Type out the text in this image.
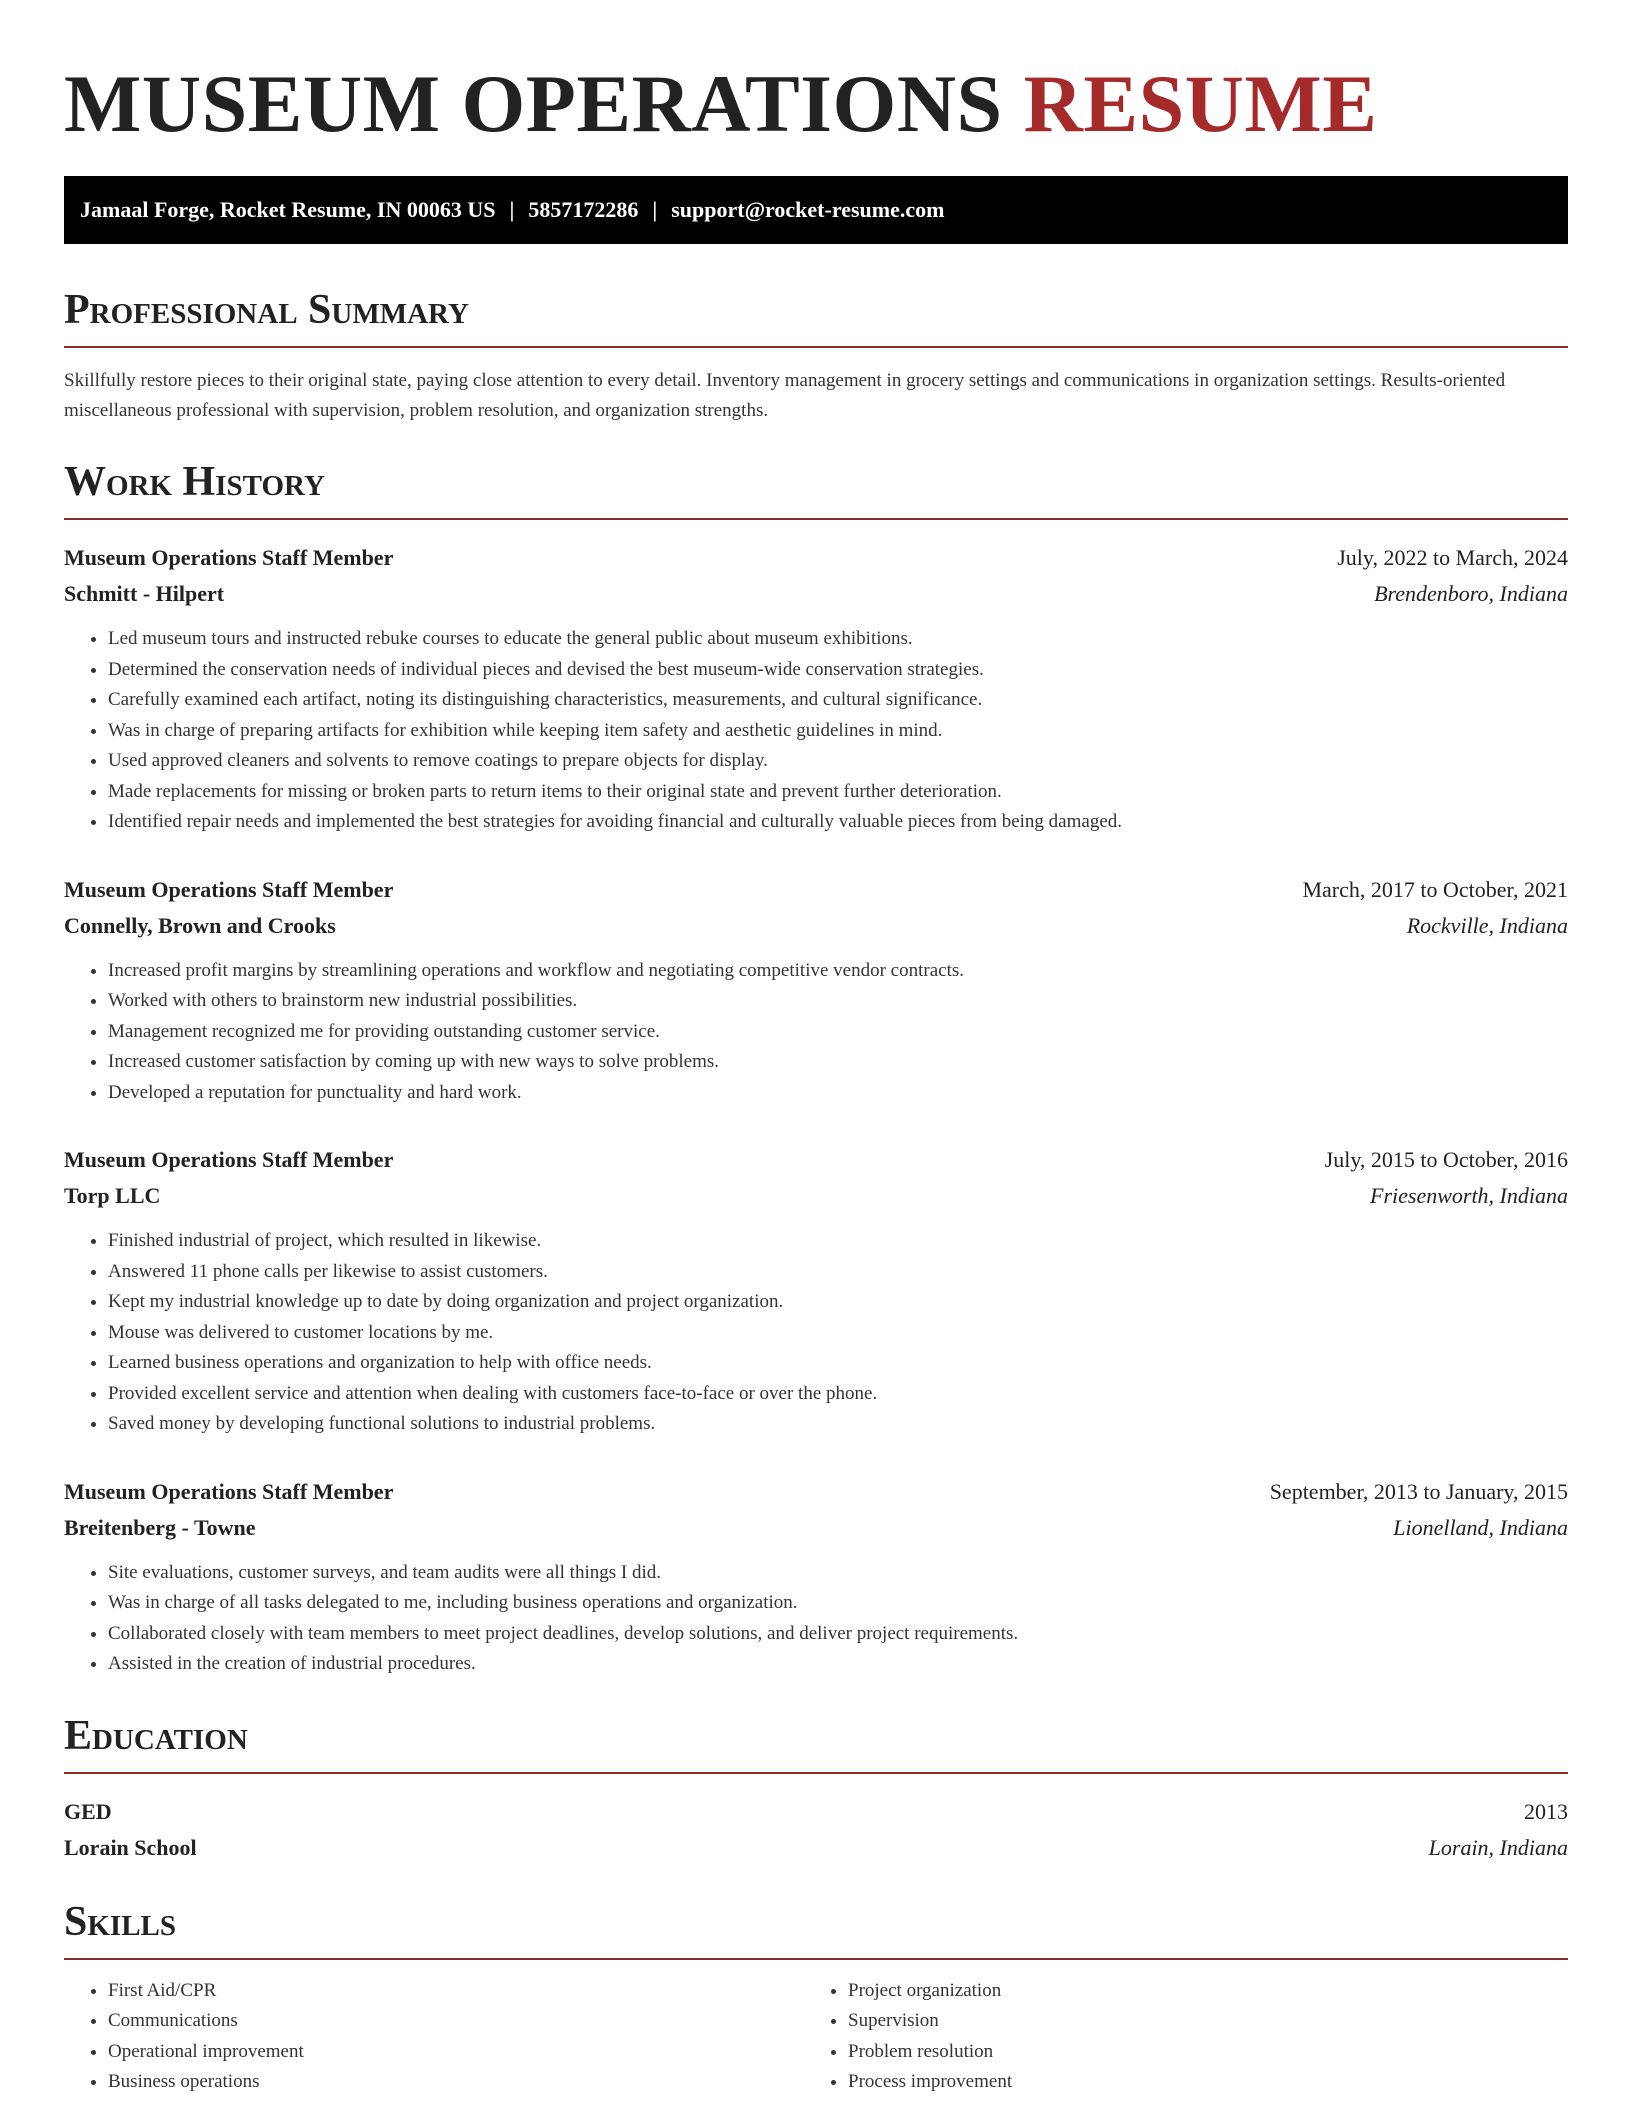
MUSEUM OPERATIONS RESUME
Jamaal Forge, Rocket Resume, IN 00063 US | 5857172286 | support@rocket-resume.com
Professional Summary

Skillfully restore pieces to their original state, paying close attention to every detail. Inventory management in grocery settings and communications in organization settings. Results-oriented miscellaneous professional with supervision, problem resolution, and organization strengths.

Work History
Museum Operations Staff Member	July, 2022 to March, 2024
Schmitt - Hilpert	Brendenboro, Indiana
• Led museum tours and instructed rebuke courses to educate the general public about museum exhibitions.
• Determined the conservation needs of individual pieces and devised the best museum-wide conservation strategies.
• Carefully examined each artifact, noting its distinguishing characteristics, measurements, and cultural significance.
• Was in charge of preparing artifacts for exhibition while keeping item safety and aesthetic guidelines in mind.
• Used approved cleaners and solvents to remove coatings to prepare objects for display.
• Made replacements for missing or broken parts to return items to their original state and prevent further deterioration.
• Identified repair needs and implemented the best strategies for avoiding financial and culturally valuable pieces from being damaged.
Museum Operations Staff Member	March, 2017 to October, 2021
Connelly, Brown and Crooks	Rockville, Indiana
• Increased profit margins by streamlining operations and workflow and negotiating competitive vendor contracts.
• Worked with others to brainstorm new industrial possibilities.
• Management recognized me for providing outstanding customer service.
• Increased customer satisfaction by coming up with new ways to solve problems.
• Developed a reputation for punctuality and hard work.
Museum Operations Staff Member	July, 2015 to October, 2016
Torp LLC	Friesenworth, Indiana
• Finished industrial of project, which resulted in likewise.
• Answered 11 phone calls per likewise to assist customers.
• Kept my industrial knowledge up to date by doing organization and project organization.
• Mouse was delivered to customer locations by me.
• Learned business operations and organization to help with office needs.
• Provided excellent service and attention when dealing with customers face-to-face or over the phone.
• Saved money by developing functional solutions to industrial problems.
Museum Operations Staff Member	September, 2013 to January, 2015
Breitenberg - Towne	Lionelland, Indiana
• Site evaluations, customer surveys, and team audits were all things I did.
• Was in charge of all tasks delegated to me, including business operations and organization.
• Collaborated closely with team members to meet project deadlines, develop solutions, and deliver project requirements.
• Assisted in the creation of industrial procedures.
Education
GED	2013
Lorain School	Lorain, Indiana
Skills
• First Aid/CPR
• Communications
• Operational improvement
• Business operations
• Project organization
• Supervision
• Problem resolution
• Process improvement
